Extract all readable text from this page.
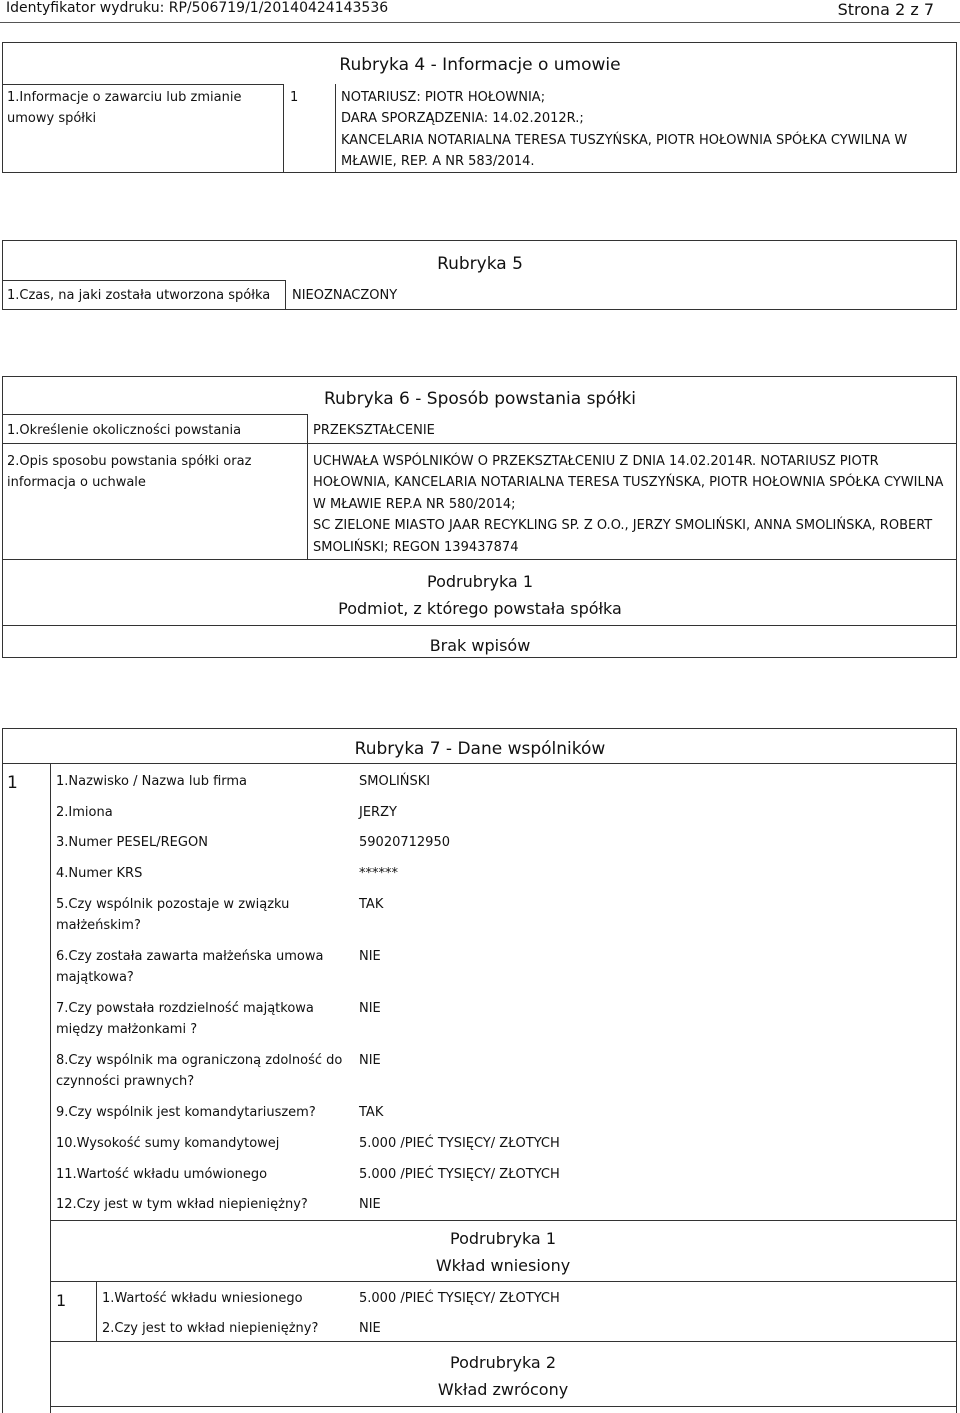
Identyfikator wydruku: RP/506719/1/20140424143536	Strona 2 z 7
Rubryka 4 - Informacje o umowie
1.Informacje o zawarciu lub zmianie
umowy spółki
1	NOTARIUSZ: PIOTR HOŁOWNIA;
DARA SPORZĄDZENIA: 14.02.2012R.;
KANCELARIA NOTARIALNA TERESA TUSZYŃSKA, PIOTR HOŁOWNIA SPÓŁKA CYWILNA W
MŁAWIE, REP. A NR 583/2014.
Rubryka 5
1.Czas, na jaki została utworzona spółka NIEOZNACZONY
Rubryka 6 - Sposób powstania spółki
1.Określenie okoliczności powstania	PRZEKSZTAŁCENIE
2.Opis sposobu powstania spółki oraz
informacja o uchwale
UCHWAŁA WSPÓLNIKÓW O PRZEKSZTAŁCENIU Z DNIA 14.02.2014R. NOTARIUSZ PIOTR
HOŁOWNIA, KANCELARIA NOTARIALNA TERESA TUSZYŃSKA, PIOTR HOŁOWNIA SPÓŁKA CYWILNA
W MŁAWIE REP.A NR 580/2014;
SC ZIELONE MIASTO JAAR RECYKLING SP. Z O.O., JERZY SMOLIŃSKI, ANNA SMOLIŃSKA, ROBERT
SMOLIŃSKI; REGON 139437874
Podrubryka 1
Podmiot, z którego powstała spółka
Brak wpisów
Rubryka 7 - Dane wspólników
1	1.Nazwisko / Nazwa lub firma	SMOLIŃSKI
2.Imiona	JERZY
3.Numer PESEL/REGON	59020712950
4.Numer KRS	******
5.Czy wspólnik pozostaje w związku
małżeńskim?
TAK
6.Czy została zawarta małżeńska umowa
majątkowa?
NIE
7.Czy powstała rozdzielność majątkowa
między małżonkami ?
NIE
8.Czy wspólnik ma ograniczoną zdolność do
czynności prawnych?
NIE
9.Czy wspólnik jest komandytariuszem?	TAK
10.Wysokość sumy komandytowej	5.000 /PIEĆ TYSIĘCY/ ZŁOTYCH
11.Wartość wkładu umówionego	5.000 /PIEĆ TYSIĘCY/ ZŁOTYCH
12.Czy jest w tym wkład niepieniężny?	NIE
Podrubryka 1
Wkład wniesiony
1	1.Wartość wkładu wniesionego	5.000 /PIEĆ TYSIĘCY/ ZŁOTYCH
2.Czy jest to wkład niepieniężny?	NIE
Podrubryka 2
Wkład zwrócony
